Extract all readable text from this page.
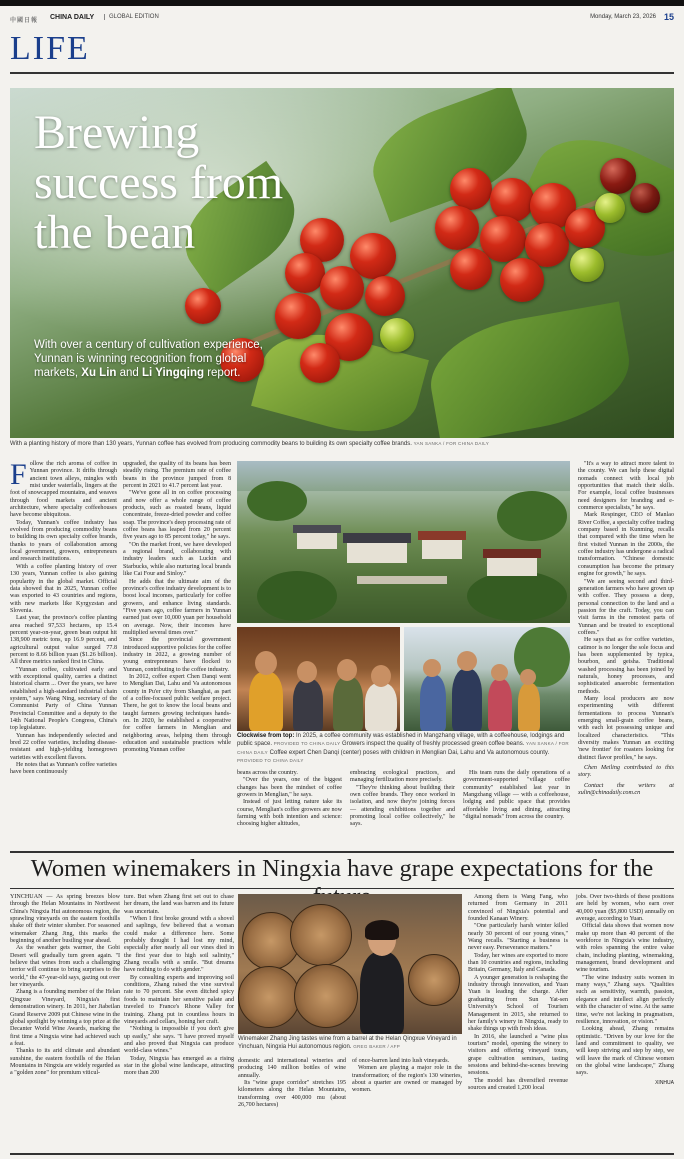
中國日報 CHINA DAILY	GLOBAL EDITION	Monday, March 23, 2026 15
LIFE
Brewing success from the bean
With over a century of cultivation experience, Yunnan is winning recognition from global markets, Xu Lin and Li Yingqing report.
With a planting history of more than 130 years, Yunnan coffee has evolved from producing commodity beans to building its own specialty coffee brands. YAN SANKA / FOR CHINA DAILY
F ollow the rich aroma of coffee in Yunnan province. It drifts through ancient town alleys, mingles with mist under waterfalls, lingers at the foot of snowcapped mountains, and weaves through food markets and ancient architecture, where specialty coffeehouses have become ubiquitous.

Today, Yunnan's coffee industry has evolved from producing commodity beans to building its own specialty coffee brands, thanks to years of collaboration among local government, growers, entrepreneurs and research institutions.

With a coffee planting history of over 130 years, Yunnan coffee is also gaining popularity in the global market. Official data showed that in 2025, Yunnan coffee was exported to 43 countries and regions, with new markets like Kyrgyzstan and Slovenia.

Last year, the province's coffee planting area reached 97,533 hectares, up 15.4 percent year-on-year, green bean output hit 138,900 metric tons, up 16.9 percent, and agricultural output value surged 77.8 percent to 8.66 billion yuan ($1.26 billion). All three metrics ranked first in China.

"Yunnan coffee, cultivated early and with exceptional quality, carries a distinct historical charm ... Over the years, we have established a high-standard industrial chain system," says Wang Ning, secretary of the Communist Party of China Yunnan Provincial Committee and a deputy to the 14th National People's Congress, China's top legislature.

Yunnan has independently selected and bred 22 coffee varieties, including disease-resistant and high-yielding homegrown varieties with excellent flavors.

He notes that as Yunnan's coffee varieties have been continuously

upgraded, the quality of its beans has been steadily rising. The premium rate of coffee beans in the province jumped from 8 percent in 2021 to 41.7 percent last year.

"We've gone all in on coffee processing and now offer a whole range of coffee products, such as roasted beans, liquid concentrate, freeze-dried powder and coffee soap. The province's deep processing rate of coffee beans has leaped from 20 percent five years ago to 85 percent today," he says.

"On the market front, we have developed a regional brand, collaborating with industry leaders such as Luckin and Starbucks, while also nurturing local brands like Cai Four and Sinloy."

He adds that the ultimate aim of the province's coffee industry development is to boost local incomes, particularly for coffee growers, and enhance living standards. "Five years ago, coffee farmers in Yunnan earned just over 10,000 yuan per household on average. Now, their incomes have multiplied several times over."

Since the provincial government introduced supportive policies for the coffee industry in 2022, a growing number of young entrepreneurs have flocked to Yunnan, contributing to the coffee industry.

In 2012, coffee expert Chen Danqi went to Menglian Dai, Lahu and Va autonomous county in Pu'er city from Shanghai, as part of a coffee-focused public welfare project. There, he got to know the local beans and taught farmers growing techniques hands-on. In 2020, he established a cooperative for coffee farmers in Menglian and neighboring areas, helping them through education and sustainable practices while promoting Yunnan coffee

Clockwise from top: In 2025, a coffee community was established in Mangzhang village, with a coffeehouse, lodgings and public space. PROVIDED TO CHINA DAILY Growers inspect the quality of freshly processed green coffee beans. YAN SANKA / FOR CHINA DAILY Coffee expert Chen Danqi (center) poses with children in Menglian Dai, Lahu and Va autonomous county. PROVIDED TO CHINA DAILY

beans across the country.

"Over the years, one of the biggest changes has been the mindset of coffee growers in Menglian," he says.

Instead of just letting nature take its course, Menglian's coffee growers are now farming with both intention and science: choosing higher altitudes,

embracing ecological practices, and managing fertilization more precisely.

"They're thinking about building their own coffee brands. They once worked in isolation, and now they're joining forces — attending exhibitions together and promoting local coffee collectively," he says.

His team runs the daily operations of a government-supported "village coffee community" established last year in Mangzhang village — with a coffeehouse, lodging and public space that provides affordable living and dining, attracting "digital nomads" from across the country.

"It's a way to attract more talent to the county. We can help these digital nomads connect with local job opportunities that match their skills. For example, local coffee businesses need designers for branding and e-commerce specialists," he says.

Mark Respinger, CEO of Manlao River Coffee, a specialty coffee trading company based in Kunming, recalls that compared with the time when he first visited Yunnan in the 2000s, the coffee industry has undergone a radical transformation. "Chinese domestic consumption has become the primary engine for growth," he says.

"We are seeing second and third-generation farmers who have grown up with coffee. They possess a deep, personal connection to the land and a passion for the craft. Today, you can visit farms in the remotest parts of Yunnan and be treated to exceptional coffees."

He says that as for coffee varieties, catimor is no longer the sole focus and has been supplemented by typica, bourbon, and geisha. Traditional washed processing has been joined by naturals, honey processes, and sophisticated anaerobic fermentation methods.

Many local producers are now experimenting with different fermentations to process Yunnan's emerging small-grain coffee beans, with each lot possessing unique and localized characteristics. "This diversity makes Yunnan an exciting 'new frontier' for roasters looking for distinct flavor profiles," he says.

Chen Meiling contributed to this story.

Contact the writers at xulin@chinadaily.com.cn

Women winemakers in Ningxia have grape expectations for the

YINCHUAN — As spring breezes blow through the Helan Mountains in Northwest China's Ningxia Hui autonomous region, the sprawling vineyards on the eastern foothills shake off their winter slumber. For seasoned winemaker Zhang Jing, this marks the beginning of another bustling year ahead.

As the weather gets warmer, the Gobi Desert will gradually turn green again. "I believe that wines from such a challenging terrior will continue to bring surprises to the world," the 47-year-old says, gazing out over her vineyards.

Zhang is a founding member of the Helan Qingxue Vineyard, Ningxia's first demonstration winery. In 2011, her Jiabeilan Grand Reserve 2009 put Chinese wine in the global spotlight by winning a top prize at the Decanter World Wine Awards, marking the first time a Ningxia wine had achieved such a feat.

Thanks to its arid climate and abundant sunshine, the eastern foothills of the Helan Mountains in Ningxia are widely regarded as a "golden zone" for premium viticul-

ture. But when Zhang first set out to chase her dream, the land was barren and its future was uncertain.

"When I first broke ground with a shovel and saplings, few believed that a woman could make a difference here. Some probably thought I had lost my mind, especially after nearly all our vines died in the first year due to high soil salinity," Zhang recalls with a smile. "But dreams have nothing to do with gender."

By consulting experts and improving soil conditions, Zhang raised the vine survival rate to 70 percent. She even ditched spicy foods to maintain her sensitive palate and traveled to France's Rhone Valley for training. Zhang put in countless hours in vineyards and cellars, honing her craft.

"Nothing is impossible if you don't give up easily," she says. "I have proved myself and also proved that Ningxia can produce world-class wines."

Today, Ningxia has emerged as a rising star in the global wine landscape, attracting more than 200

Winemaker Zhang Jing tastes wine from a barrel at the Helan Qingxue Vineyard in Yinchuan, Ningxia Hui autonomous region. GREG BAKER / AFP

domestic and international wineries and producing 140 million bottles of wine annually.

Its "wine grape corridor" stretches 195 kilometers along the Helan Mountains, transforming over 400,000 mu (about 26,700 hectares)

of once-barren land into lush vineyards.

Women are playing a major role in the transformation; of the region's 130 wineries, about a quarter are owned or managed by women.

Among them is Wang Fang, who returned from Germany in 2011 convinced of Ningxia's potential and founded Kanaan Winery.

"One particularly harsh winter killed nearly 30 percent of our young vines," Wang recalls. "Starting a business is never easy. Perseverance matters."

Today, her wines are exported to more than 10 countries and regions, including Britain, Germany, Italy and Canada.

A younger generation is reshaping the industry through innovation, and Yuan Yuan is leading the charge. After graduating from Sun Yat-sen University's School of Tourism Management in 2015, she returned to her family's winery in Ningxia, ready to shake things up with fresh ideas.

In 2016, she launched a "wine plus tourism" model, opening the winery to visitors and offering vineyard tours, grape cultivation seminars, tasting sessions and behind-the-scenes brewing sessions.

The model has diversified revenue sources and created 1,200 local

jobs. Over two-thirds of these positions are held by women, who earn over 40,000 yuan ($5,800 USD) annually on average, according to Yuan.

Official data shows that women now make up more than 40 percent of the workforce in Ningxia's wine industry, with roles spanning the entire value chain, including planting, winemaking, management, brand development and wine tourism.

"The wine industry suits women in many ways," Zhang says. "Qualities such as sensitivity, warmth, passion, elegance and intellect align perfectly with the character of wine. At the same time, we're not lacking in pragmatism, resilience, innovation, or vision."

Looking ahead, Zhang remains optimistic. "Driven by our love for the land and commitment to quality, we will keep striving and step by step, we will leave the mark of Chinese women on the global wine landscape," Zhang says.

XINHUA
